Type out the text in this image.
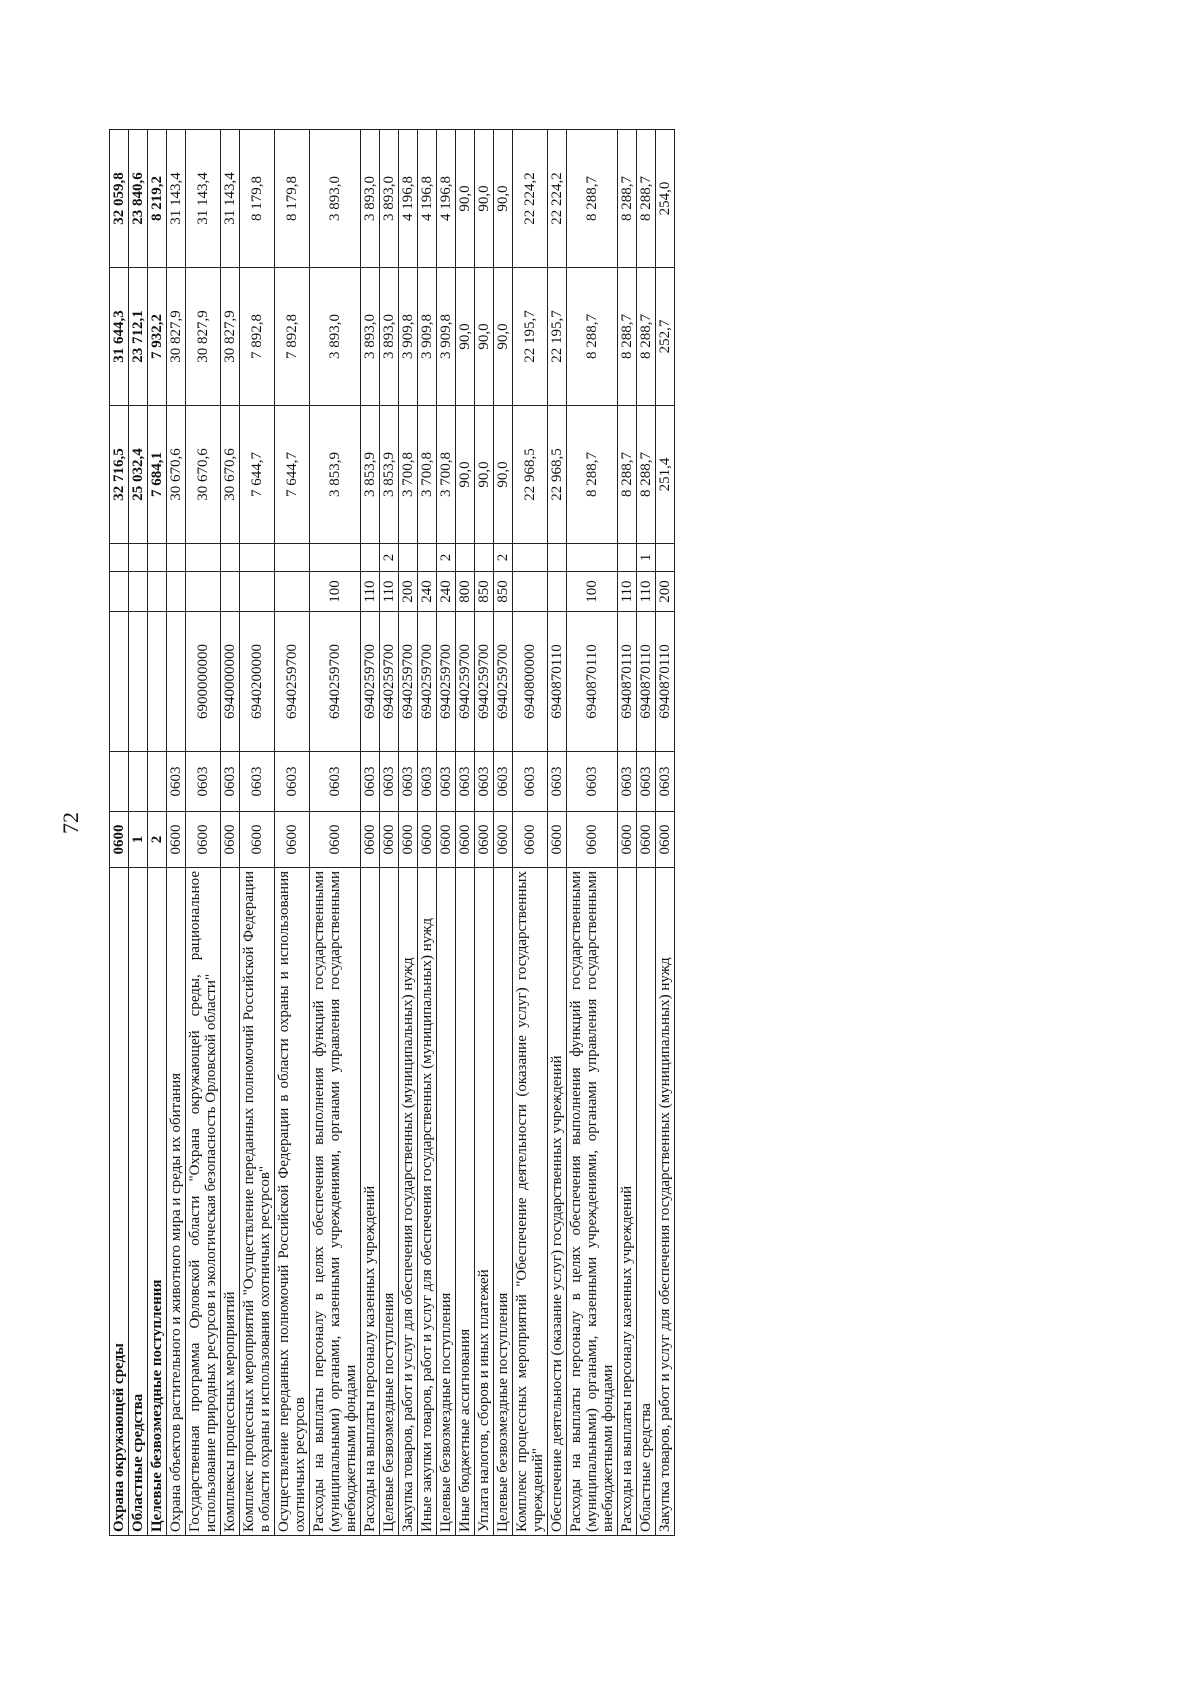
72
Охрана окружающей среды	0600					32 716,5	31 644,3	32 059,8
Областные средства	1					25 032,4	23 712,1	23 840,6
Целевые безвозмездные поступления	2					7 684,1	7 932,2	8 219,2
Охрана объектов растительного и животного мира и среды их обитания	0600	0603				30 670,6	30 827,9	31 143,4
Государственная программа Орловской области "Охрана окружающей среды, рациональное использование природных ресурсов и экологическая безопасность Орловской области"	0600	0603	6900000000			30 670,6	30 827,9	31 143,4
Комплексы процессных мероприятий	0600	0603	6940000000			30 670,6	30 827,9	31 143,4
Комплекс процессных мероприятий "Осуществление переданных полномочий Российской Федерации в области охраны и использования охотничьих ресурсов"	0600	0603	6940200000			7 644,7	7 892,8	8 179,8
Осуществление переданных полномочий Российской Федерации в области охраны и использования охотничьих ресурсов	0600	0603	6940259700			7 644,7	7 892,8	8 179,8
Расходы на выплаты персоналу в целях обеспечения выполнения функций государственными (муниципальными) органами, казенными учреждениями, органами управления государственными внебюджетными фондами	0600	0603	6940259700	100		3 853,9	3 893,0	3 893,0
Расходы на выплаты персоналу казенных учреждений	0600	0603	6940259700	110		3 853,9	3 893,0	3 893,0
Целевые безвозмездные поступления	0600	0603	6940259700	110	2	3 853,9	3 893,0	3 893,0
Закупка товаров, работ и услуг для обеспечения государственных (муниципальных) нужд	0600	0603	6940259700	200		3 700,8	3 909,8	4 196,8
Иные закупки товаров, работ и услуг для обеспечения государственных (муниципальных) нужд	0600	0603	6940259700	240		3 700,8	3 909,8	4 196,8
Целевые безвозмездные поступления	0600	0603	6940259700	240	2	3 700,8	3 909,8	4 196,8
Иные бюджетные ассигнования	0600	0603	6940259700	800		90,0	90,0	90,0
Уплата налогов, сборов и иных платежей	0600	0603	6940259700	850		90,0	90,0	90,0
Целевые безвозмездные поступления	0600	0603	6940259700	850	2	90,0	90,0	90,0
Комплекс процессных мероприятий "Обеспечение деятельности (оказание услуг) государственных учреждений"	0600	0603	6940800000			22 968,5	22 195,7	22 224,2
Обеспечение деятельности (оказание услуг) государственных учреждений	0600	0603	6940870110			22 968,5	22 195,7	22 224,2
Расходы на выплаты персоналу в целях обеспечения выполнения функций государственными (муниципальными) органами, казенными учреждениями, органами управления государственными внебюджетными фондами	0600	0603	6940870110	100		8 288,7	8 288,7	8 288,7
Расходы на выплаты персоналу казенных учреждений	0600	0603	6940870110	110		8 288,7	8 288,7	8 288,7
Областные средства	0600	0603	6940870110	110	1	8 288,7	8 288,7	8 288,7
Закупка товаров, работ и услуг для обеспечения государственных (муниципальных) нужд	0600	0603	6940870110	200		251,4	252,7	254,0
